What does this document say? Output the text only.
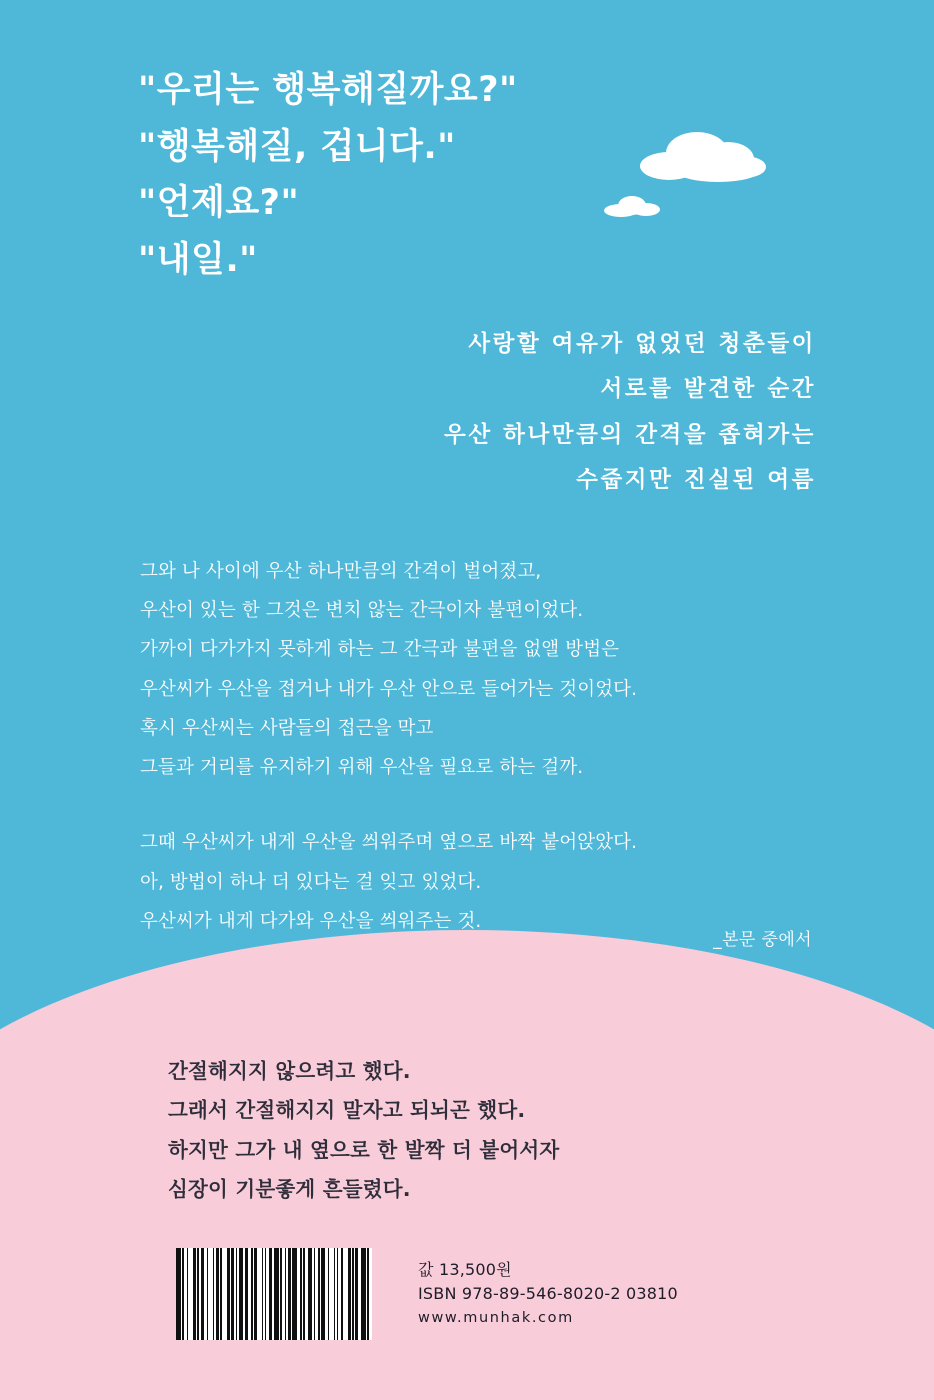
"우리는 행복해질까요?"
"행복해질, 겁니다."
"언제요?"
"내일."
사랑할 여유가 없었던 청춘들이
서로를 발견한 순간
우산 하나만큼의 간격을 좁혀가는
수줍지만 진실된 여름

그와 나 사이에 우산 하나만큼의 간격이 벌어졌고,

우산이 있는 한 그것은 변치 않는 간극이자 불편이었다.

가까이 다가가지 못하게 하는 그 간극과 불편을 없앨 방법은

우산씨가 우산을 접거나 내가 우산 안으로 들어가는 것이었다.

혹시 우산씨는 사람들의 접근을 막고

그들과 거리를 유지하기 위해 우산을 필요로 하는 걸까.

그때 우산씨가 내게 우산을 씌워주며 옆으로 바짝 붙어앉았다.

아, 방법이 하나 더 있다는 걸 잊고 있었다.

우산씨가 내게 다가와 우산을 씌워주는 것.

_본문 중에서

간절해지지 않으려고 했다.

그래서 간절해지지 말자고 되뇌곤 했다.

하지만 그가 내 옆으로 한 발짝 더 붙어서자

심장이 기분좋게 흔들렸다.

값 13,500원
ISBN 978-89-546-8020-2 03810
www.munhak.com
